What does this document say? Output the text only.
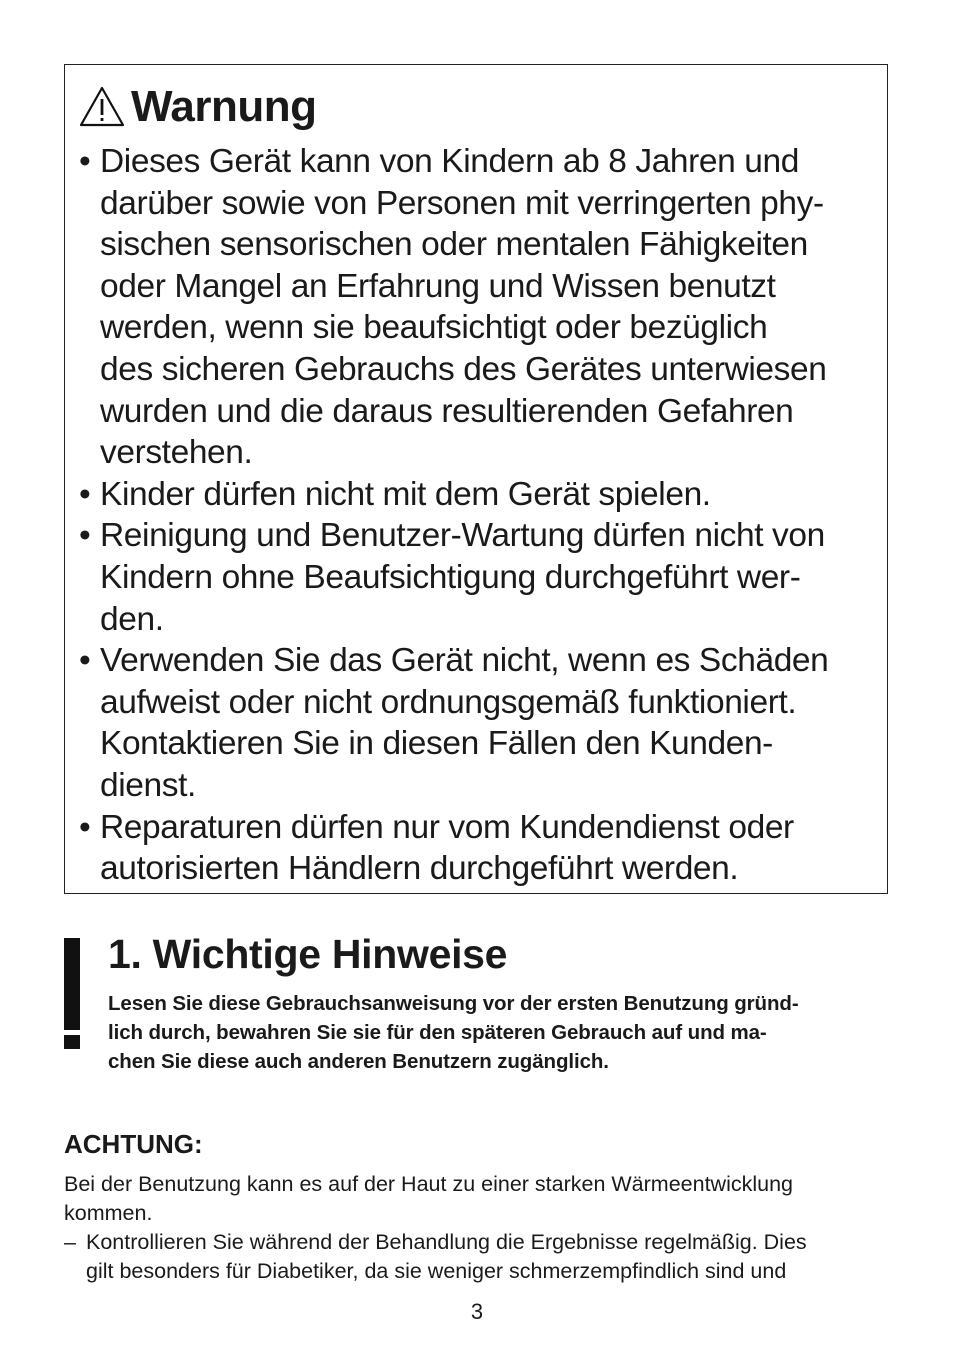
Warnung
• Dieses Gerät kann von Kindern ab 8 Jahren und
darüber sowie von Personen mit verringerten phy-
sischen sensorischen oder mentalen Fähigkeiten
oder Mangel an Erfahrung und Wissen benutzt
werden, wenn sie beaufsichtigt oder bezüglich
des sicheren Gebrauchs des Gerätes unterwiesen
wurden und die daraus resultierenden Gefahren
verstehen.
• Kinder dürfen nicht mit dem Gerät spielen.
• Reinigung und Benutzer-Wartung dürfen nicht von
Kindern ohne Beaufsichtigung durchgeführt wer-
den.
• Verwenden Sie das Gerät nicht, wenn es Schäden
aufweist oder nicht ordnungsgemäß funktioniert.
Kontaktieren Sie in diesen Fällen den Kunden-
dienst.
• Reparaturen dürfen nur vom Kundendienst oder
autorisierten Händlern durchgeführt werden.
1. Wichtige Hinweise
Lesen Sie diese Gebrauchsanweisung vor der ersten Benutzung gründ-
lich durch, bewahren Sie sie für den späteren Gebrauch auf und ma-
chen Sie diese auch anderen Benutzern zugänglich.
ACHTUNG:
Bei der Benutzung kann es auf der Haut zu einer starken Wärmeentwicklung
kommen.
– Kontrollieren Sie während der Behandlung die Ergebnisse regelmäßig. Dies
gilt besonders für Diabetiker, da sie weniger schmerzempfindlich sind und
3
